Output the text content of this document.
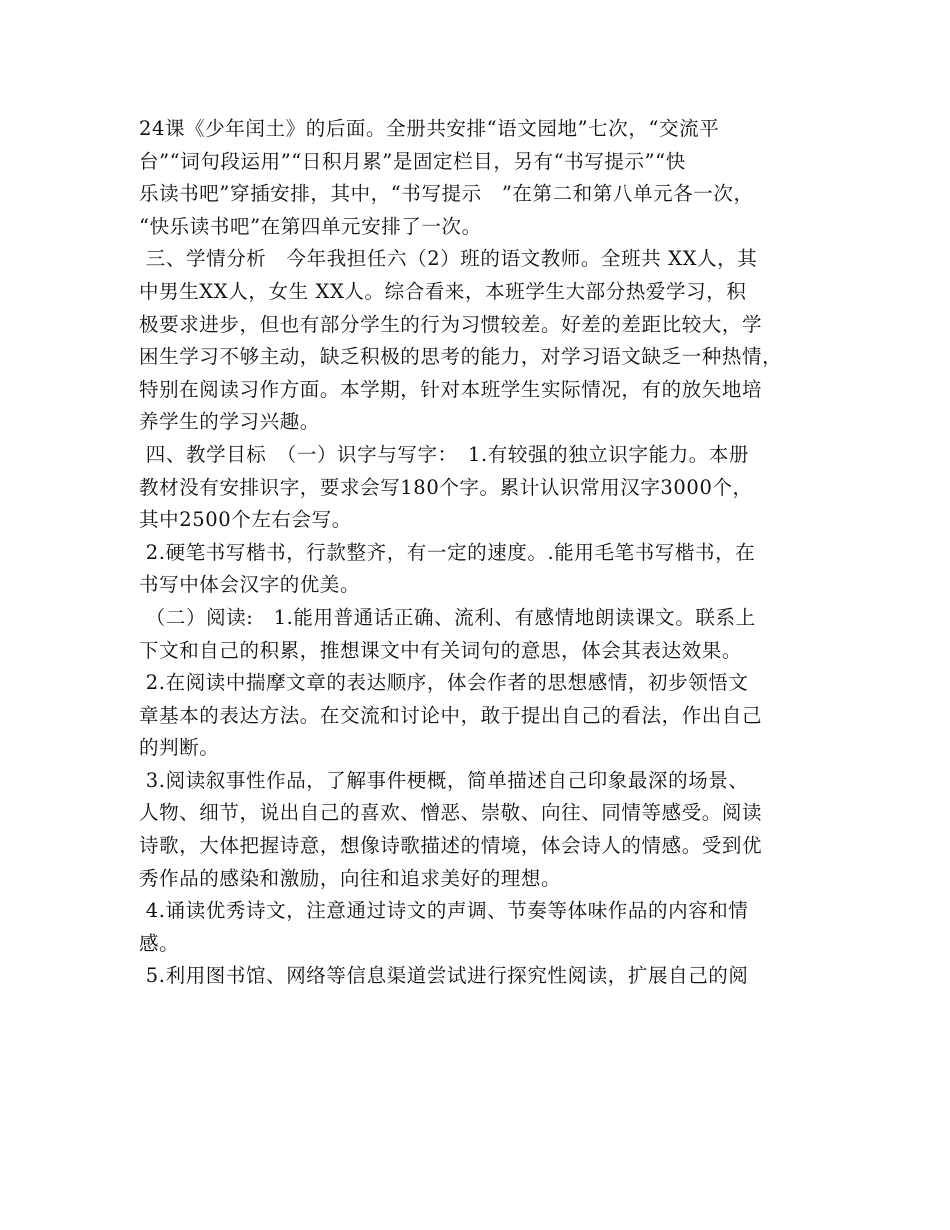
24课《少年闰土》的后面。全册共安排“语文园地”七次，“交流平
台”“词句段运用”“日积月累”是固定栏目，另有“书写提示”“快
乐读书吧”穿插安排，其中，“书写提示　”在第二和第八单元各一次，
“快乐读书吧”在第四单元安排了一次。
三、学情分析　今年我担任六（2）班的语文教师。全班共 XX人，其
中男生XX人，女生 XX人。综合看来，本班学生大部分热爱学习，积
极要求进步，但也有部分学生的行为习惯较差。好差的差距比较大，学
困生学习不够主动，缺乏积极的思考的能力，对学习语文缺乏一种热情，
特别在阅读习作方面。本学期，针对本班学生实际情况，有的放矢地培
养学生的学习兴趣。
四、教学目标　（一）识字与写字：　1.有较强的独立识字能力。本册
教材没有安排识字，要求会写180个字。累计认识常用汉字3000个，
其中2500个左右会写。
2.硬笔书写楷书，行款整齐，有一定的速度。.能用毛笔书写楷书，在
书写中体会汉字的优美。
（二）阅读:　1.能用普通话正确、流利、有感情地朗读课文。联系上
下文和自己的积累，推想课文中有关词句的意思，体会其表达效果。
2.在阅读中揣摩文章的表达顺序，体会作者的思想感情，初步领悟文
章基本的表达方法。在交流和讨论中，敢于提出自己的看法，作出自己
的判断。
3.阅读叙事性作品，了解事件梗概，简单描述自己印象最深的场景、
人物、细节，说出自己的喜欢、憎恶、崇敬、向往、同情等感受。阅读
诗歌，大体把握诗意，想像诗歌描述的情境，体会诗人的情感。受到优
秀作品的感染和激励，向往和追求美好的理想。
4.诵读优秀诗文，注意通过诗文的声调、节奏等体味作品的内容和情
感。
5.利用图书馆、网络等信息渠道尝试进行探究性阅读，扩展自己的阅
